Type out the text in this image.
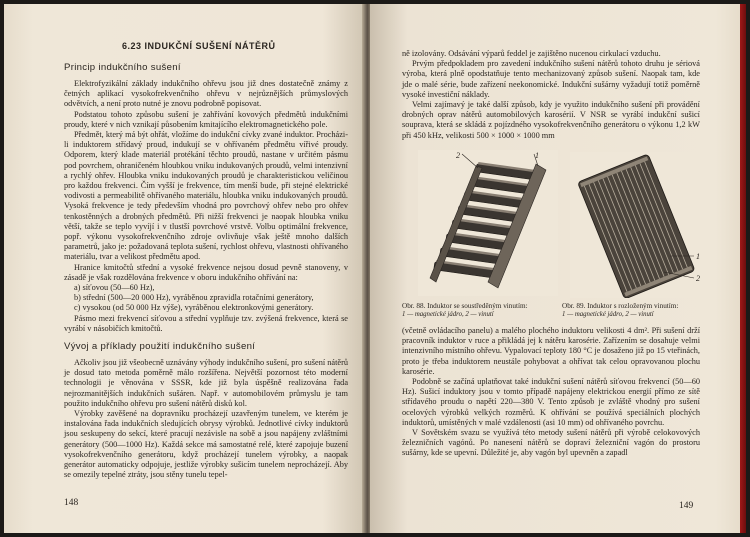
6.23 INDUKČNÍ SUŠENÍ NÁTĚRŮ
Princip indukčního sušení

Elektrofyzikální základy indukčního ohřevu jsou již dnes dostatečně známy z četných aplikací vysokofrekvenčního ohřevu v nejrůznějších průmyslových odvětvích, a není proto nutné je znovu podrobně popisovat.

Podstatou tohoto způsobu sušení je zahřívání kovových předmětů indukčními proudy, které v nich vznikají působením kmitajícího elektromagnetického pole.

Předmět, který má být ohřát, vložíme do indukční cívky zvané induktor. Procházi-li induktorem střídavý proud, indukují se v ohřívaném předmětu vířivé proudy. Odporem, který klade materiál protékání těchto proudů, nastane v určitém pásmu pod povrchem, ohraničeném hloubkou vniku indukovaných proudů, velmi intenzivní a rychlý ohřev. Hloubka vniku indukovaných proudů je charakteristickou veličinou pro každou frekvenci. Čím vyšší je frekvence, tím menší bude, při stejné elektrické vodivosti a permeabilitě ohřívaného materiálu, hloubka vniku indukovaných proudů. Vysoká frekvence je tedy především vhodná pro povrchový ohřev nebo pro ohřev tenkostěnných a drobných předmětů. Při nižší frekvenci je naopak hloubka vniku větší, takže se teplo vyvíjí i v tlustší povrchové vrstvě. Volbu optimální frekvence, popř. výkonu vysokofrekvenčního zdroje ovlivňuje však ještě mnoho dalších parametrů, jako je: požadovaná teplota sušení, rychlost ohřevu, vlastnosti ohřívaného materiálu, tvar a velikost předmětu apod.

Hranice kmitočtů střední a vysoké frekvence nejsou dosud pevně stanoveny, v zásadě je však rozdělována frekvence v oboru indukčního ohřívání na:

a) síťovou (50—60 Hz),

b) střední (500—20 000 Hz), vyráběnou zpravidla rotačními generátory,

c) vysokou (od 50 000 Hz výše), vyráběnou elektronkovými generátory.

Pásmo mezi frekvencí síťovou a střední vyplňuje tzv. zvýšená frekvence, která se vyrábí v násobičích kmitočtů.

Vývoj a příklady použití indukčního sušení

Ačkoliv jsou již všeobecně uznávány výhody indukčního sušení, pro sušení nátěrů je dosud tato metoda poměrně málo rozšířena. Největší pozornost této moderní technologii je věnována v SSSR, kde již byla úspěšně realizována řada nejrozmanitějších indukčních sušáren. Např. v automobilovém průmyslu je tam použito indukčního ohřevu pro sušení nátěrů disků kol.

Výrobky zavěšené na dopravníku procházejí uzavřeným tunelem, ve kterém je instalována řada indukčních sledujících obrysy výrobků. Jednotlivé cívky induktorů jsou seskupeny do sekcí, které pracují nezávisle na sobě a jsou napájeny zvláštními generátory (500—1000 Hz). Každá sekce má samostatné relé, které zapojuje buzení vysokofrekvenčního generátoru, když procházejí tunelem výrobky, a naopak generátor automaticky odpojuje, jestliže výrobky sušicím tunelem neprocházejí. Aby se omezily tepelné ztráty, jsou stěny tunelu tepel-

148

ně izolovány. Odsávání výparů feddel je zajištěno nucenou cirkulací vzduchu.

Prvým předpokladem pro zavedení indukčního sušení nátěrů tohoto druhu je sériová výroba, která plně opodstatňuje tento mechanizovaný způsob sušení. Naopak tam, kde jde o malé série, bude zařízení neekonomické. Indukční sušárny vyžadují totiž poměrně vysoké investiční náklady.

Velmi zajímavý je také další způsob, kdy je využito indukčního sušení při provádění drobných oprav nátěrů automobilových karosérií. V NSR se vyrábí indukční sušicí souprava, která se skládá z pojízdného vysokofrekvenčního generátoru o výkonu 1,2 kW při 450 kHz, velikosti 500 × 1000 × 1000 mm

2	1
1
2
Obr. 88. Induktor se soustředěným vinutím:
1 — magnetické jádro, 2 — vinutí
Obr. 89. Induktor s rozloženým vinutím:
1 — magnetické jádro, 2 — vinutí

(včetně ovládacího panelu) a malého plochého induktoru velikosti 4 dm². Při sušení drží pracovník induktor v ruce a přikládá jej k nátěru karosérie. Zařízením se dosahuje velmi intenzivního místního ohřevu. Vypalovací teploty 180 °C je dosaženo již po 15 vteřinách, proto je třeba induktorem neustále pohybovat a ohřívat tak celou opravovanou plochu karosérie.

Podobně se začíná uplatňovat také indukční sušení nátěrů síťovou frekvencí (50—60 Hz). Sušicí induktory jsou v tomto případě napájeny elektrickou energií přímo ze sítě střídavého proudu o napětí 220—380 V. Tento způsob je zvláště vhodný pro sušení ocelových výrobků velkých rozměrů. K ohřívání se používá speciálních plochých induktorů, umístěných v malé vzdálenosti (asi 10 mm) od ohřívaného povrchu.

V Sovětském svazu se využívá této metody sušení nátěrů při výrobě celokovových železničních vagónů. Po nanesení nátěrů se dopraví železniční vagón do prostoru sušárny, kde se upevní. Důležité je, aby vagón byl upevněn a zapadl

149
